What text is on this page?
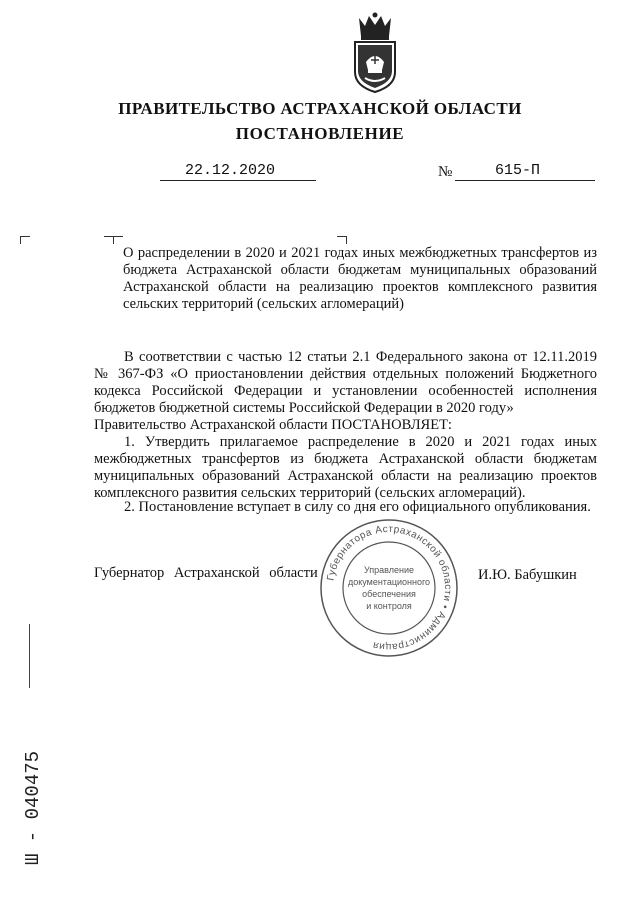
ПРАВИТЕЛЬСТВО АСТРАХАНСКОЙ ОБЛАСТИ
ПОСТАНОВЛЕНИЕ
22.12.2020	№	615-П
О распределении в 2020 и 2021 годах иных межбюджетных трансфертов из бюджета Астраханской области бюджетам муниципальных образований Астраханской области на реализацию проектов комплексного развития сельских территорий (сельских агломераций)
В соответствии с частью 12 статьи 2.1 Федерального закона от 12.11.2019 № 367-ФЗ «О приостановлении действия отдельных положений Бюджетного кодекса Российской Федерации и установлении особенностей исполнения бюджетов бюджетной системы Российской Федерации в 2020 году»
Правительство Астраханской области ПОСТАНОВЛЯЕТ:
1. Утвердить прилагаемое распределение в 2020 и 2021 годах иных межбюджетных трансфертов из бюджета Астраханской области бюджетам муниципальных образований Астраханской области на реализацию проектов комплексного развития сельских территорий (сельских агломераций).
2. Постановление вступает в силу со дня его официального опубликования.
Губернатор Астраханской области	И.Ю. Бабушкин
Губернатора Астраханской области • Администрация
Управление
документационного
обеспечения
и контроля
Ш - 040475
